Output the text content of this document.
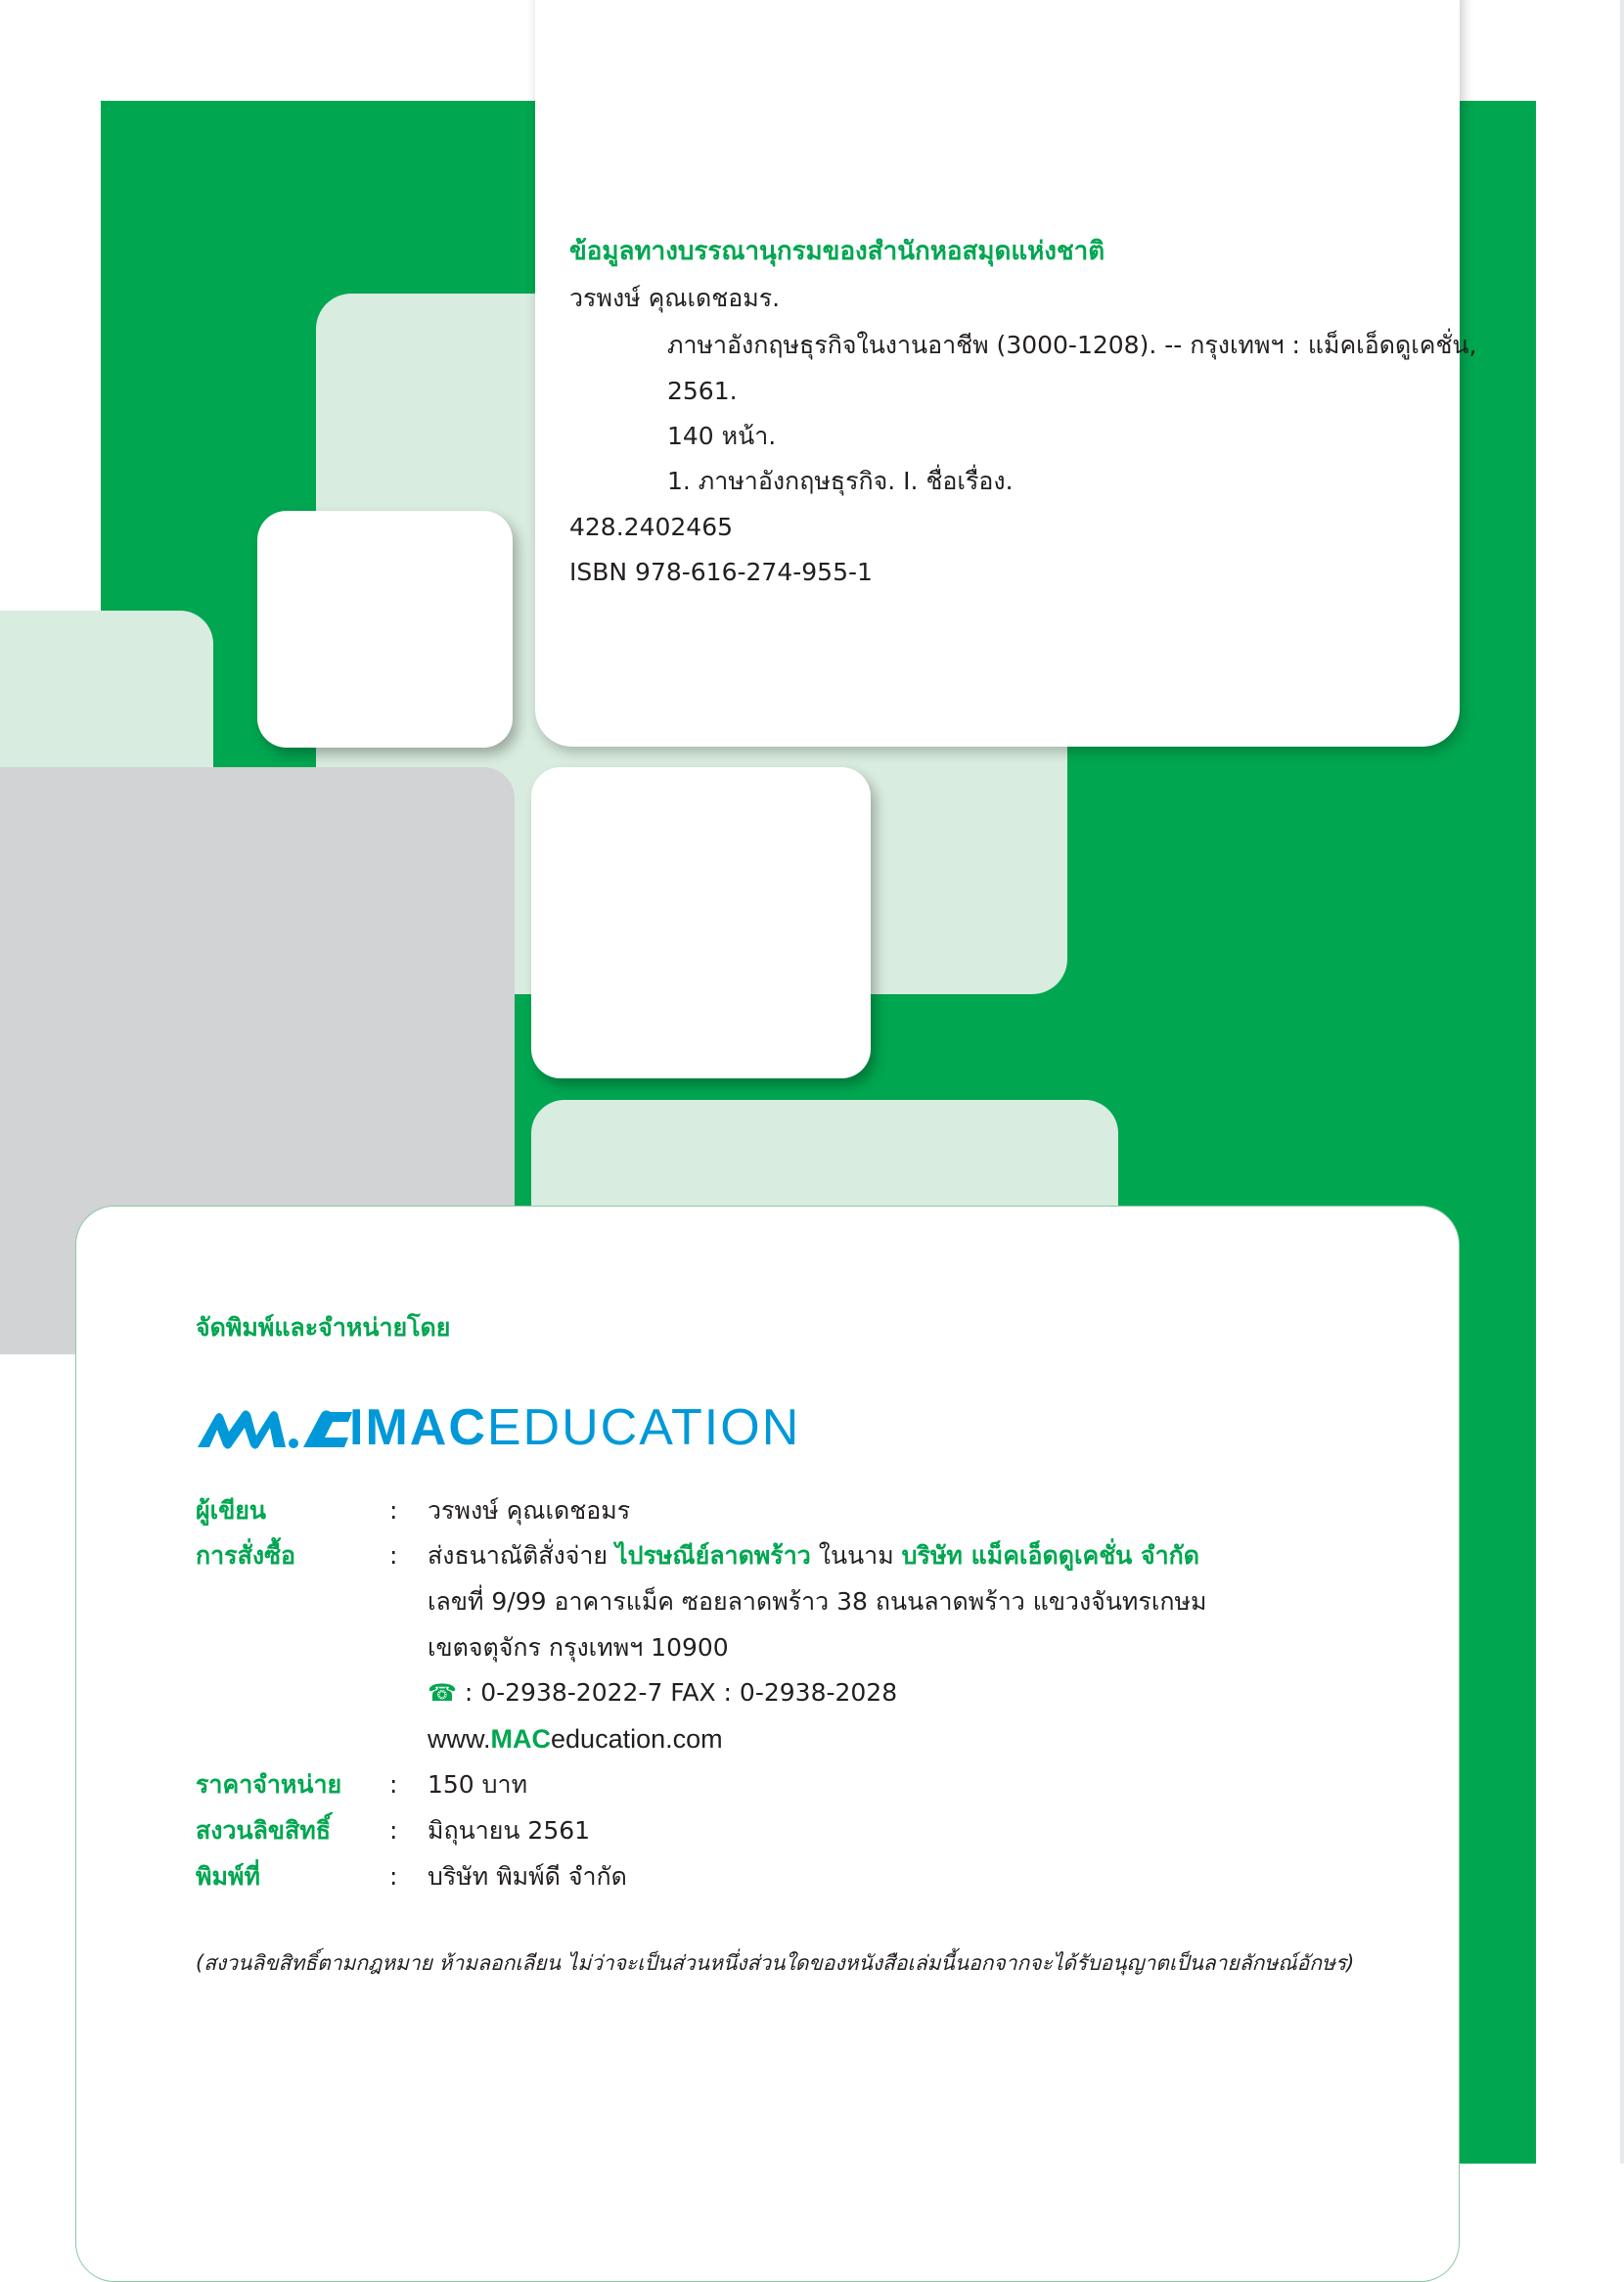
ข้อมูลทางบรรณานุกรมของสำนักหอสมุดแห่งชาติ
วรพงษ์ คุณเดชอมร.
ภาษาอังกฤษธุรกิจในงานอาชีพ (3000-1208). -- กรุงเทพฯ : แม็คเอ็ดดูเคชั่น,
2561.
140 หน้า.
1. ภาษาอังกฤษธุรกิจ. I. ชื่อเรื่อง.
428.2402465
ISBN 978-616-274-955-1
จัดพิมพ์และจำหน่ายโดย
IMACEDUCATION
ผู้เขียน	: วรพงษ์ คุณเดชอมร
การสั่งซื้อ	: ส่งธนาณัติสั่งจ่าย ไปรษณีย์ลาดพร้าว ในนาม บริษัท แม็คเอ็ดดูเคชั่น จำกัด
เลขที่ 9/99 อาคารแม็ค ซอยลาดพร้าว 38 ถนนลาดพร้าว แขวงจันทรเกษม
เขตจตุจักร กรุงเทพฯ 10900
☎ : 0-2938-2022-7 FAX : 0-2938-2028
www.MACeducation.com
ราคาจำหน่าย : 150 บาท
สงวนลิขสิทธิ์ : มิถุนายน 2561
พิมพ์ที่	: บริษัท พิมพ์ดี จำกัด
(สงวนลิขสิทธิ์ตามกฎหมาย ห้ามลอกเลียน ไม่ว่าจะเป็นส่วนหนึ่งส่วนใดของหนังสือเล่มนี้นอกจากจะได้รับอนุญาตเป็นลายลักษณ์อักษร)
